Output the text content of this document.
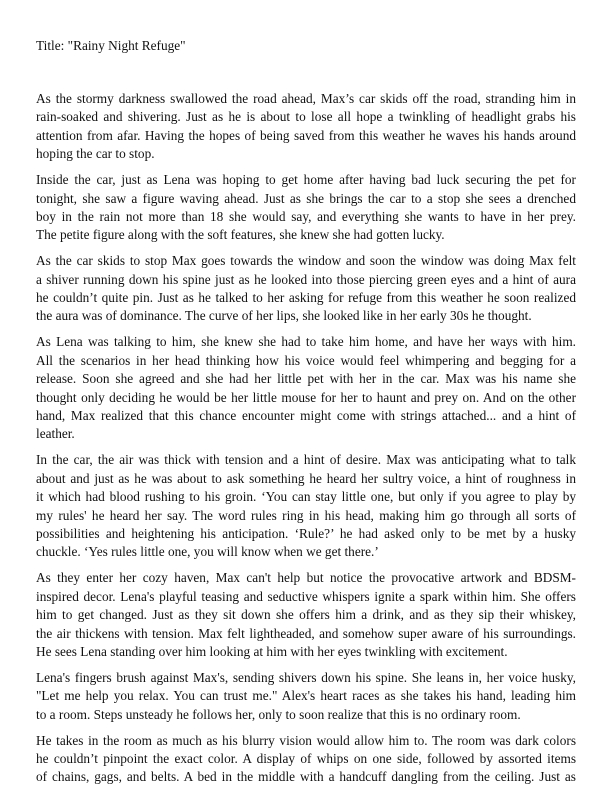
Title: "Rainy Night Refuge"

As the stormy darkness swallowed the road ahead, Max’s car skids off the road, stranding him in
rain-soaked and shivering. Just as he is about to lose all hope a twinkling of headlight grabs his
attention from afar. Having the hopes of being saved from this weather he waves his hands around
hoping the car to stop.

Inside the car, just as Lena was hoping to get home after having bad luck securing the pet for
tonight, she saw a figure waving ahead. Just as she brings the car to a stop she sees a drenched
boy in the rain not more than 18 she would say, and everything she wants to have in her prey.
The petite figure along with the soft features, she knew she had gotten lucky.

As the car skids to stop Max goes towards the window and soon the window was doing Max felt
a shiver running down his spine just as he looked into those piercing green eyes and a hint of aura
he couldn’t quite pin. Just as he talked to her asking for refuge from this weather he soon realized
the aura was of dominance. The curve of her lips, she looked like in her early 30s he thought.

As Lena was talking to him, she knew she had to take him home, and have her ways with him.
All the scenarios in her head thinking how his voice would feel whimpering and begging for a
release. Soon she agreed and she had her little pet with her in the car. Max was his name she
thought only deciding he would be her little mouse for her to haunt and prey on. And on the other
hand, Max realized that this chance encounter might come with strings attached... and a hint of
leather.

In the car, the air was thick with tension and a hint of desire. Max was anticipating what to talk
about and just as he was about to ask something he heard her sultry voice, a hint of roughness in
it which had blood rushing to his groin. ‘You can stay little one, but only if you agree to play by
my rules' he heard her say. The word rules ring in his head, making him go through all sorts of
possibilities and heightening his anticipation. ‘Rule?’ he had asked only to be met by a husky
chuckle. ‘Yes rules little one, you will know when we get there.’

As they enter her cozy haven, Max can't help but notice the provocative artwork and BDSM-
inspired decor. Lena's playful teasing and seductive whispers ignite a spark within him. She offers
him to get changed. Just as they sit down she offers him a drink, and as they sip their whiskey,
the air thickens with tension. Max felt lightheaded, and somehow super aware of his surroundings.
He sees Lena standing over him looking at him with her eyes twinkling with excitement.

Lena's fingers brush against Max's, sending shivers down his spine. She leans in, her voice husky,
"Let me help you relax. You can trust me." Alex's heart races as she takes his hand, leading him
to a room. Steps unsteady he follows her, only to soon realize that this is no ordinary room.

He takes in the room as much as his blurry vision would allow him to. The room was dark colors
he couldn’t pinpoint the exact color. A display of whips on one side, followed by assorted items
of chains, gags, and belts. A bed in the middle with a handcuff dangling from the ceiling. Just as
